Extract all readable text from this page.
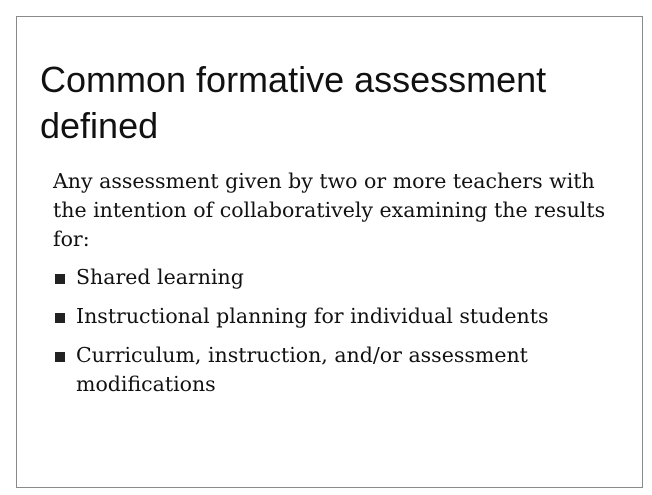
Common formative assessment defined

Any assessment given by two or more teachers with the intention of collaboratively examining the results for:

Shared learning
Instructional planning for individual students
Curriculum, instruction, and/or assessment modifications
